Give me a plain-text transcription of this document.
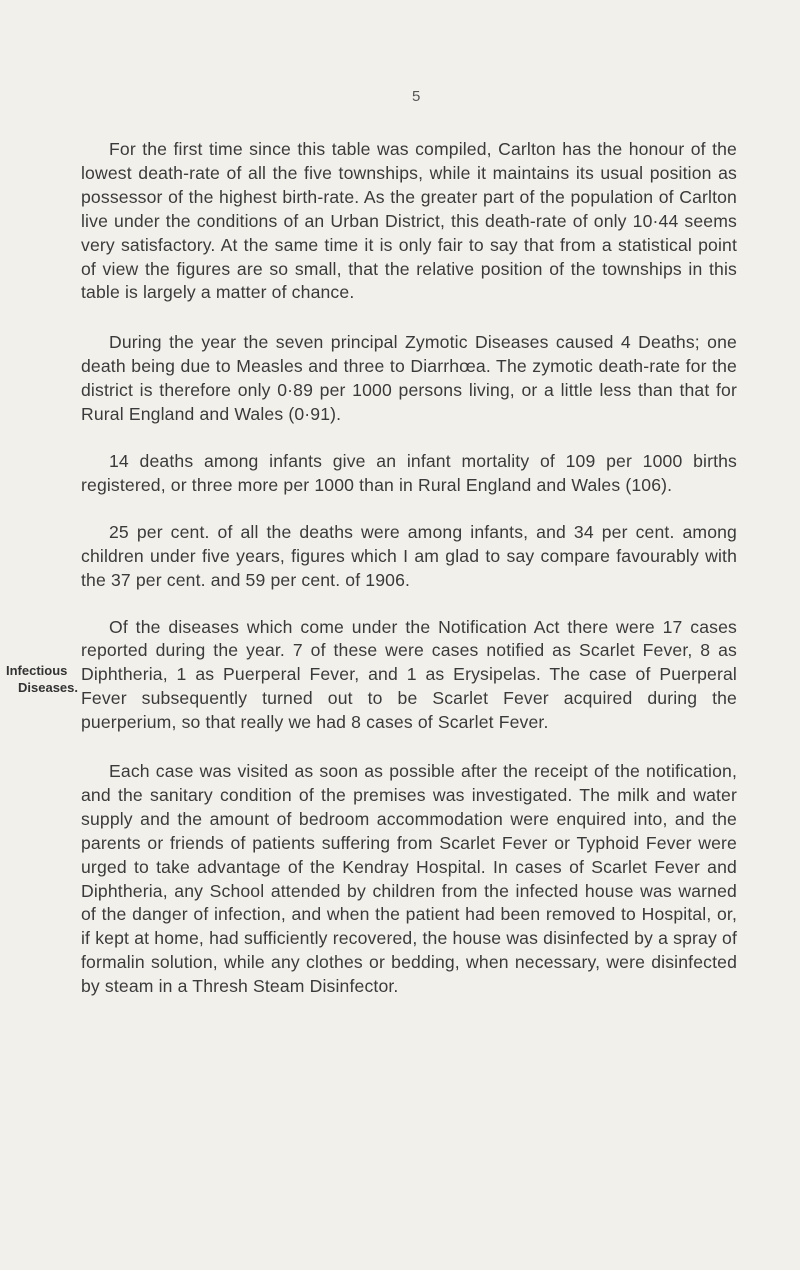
5
Infectious
Diseases.

For the first time since this table was compiled, Carlton has the honour of the lowest death-rate of all the five townships, while it maintains its usual position as possessor of the highest birth-rate. As the greater part of the population of Carlton live under the conditions of an Urban District, this death-rate of only 10·44 seems very satisfactory. At the same time it is only fair to say that from a statistical point of view the figures are so small, that the relative position of the townships in this table is largely a matter of chance.

During the year the seven principal Zymotic Diseases caused 4 Deaths; one death being due to Measles and three to Diarrhœa. The zymotic death-rate for the district is therefore only 0·89 per 1000 persons living, or a little less than that for Rural England and Wales (0·91).

14 deaths among infants give an infant mortality of 109 per 1000 births registered, or three more per 1000 than in Rural England and Wales (106).

25 per cent. of all the deaths were among infants, and 34 per cent. among children under five years, figures which I am glad to say compare favourably with the 37 per cent. and 59 per cent. of 1906.

Of the diseases which come under the Notification Act there were 17 cases reported during the year. 7 of these were cases notified as Scarlet Fever, 8 as Diphtheria, 1 as Puerperal Fever, and 1 as Erysipelas. The case of Puerperal Fever subsequently turned out to be Scarlet Fever acquired during the puerperium, so that really we had 8 cases of Scarlet Fever.

Each case was visited as soon as possible after the receipt of the notification, and the sanitary condition of the premises was investigated. The milk and water supply and the amount of bedroom accommodation were enquired into, and the parents or friends of patients suffering from Scarlet Fever or Typhoid Fever were urged to take advantage of the Kendray Hospital. In cases of Scarlet Fever and Diphtheria, any School attended by children from the infected house was warned of the danger of infection, and when the patient had been removed to Hospital, or, if kept at home, had sufficiently recovered, the house was disinfected by a spray of formalin solution, while any clothes or bedding, when necessary, were disinfected by steam in a Thresh Steam Disinfector.
